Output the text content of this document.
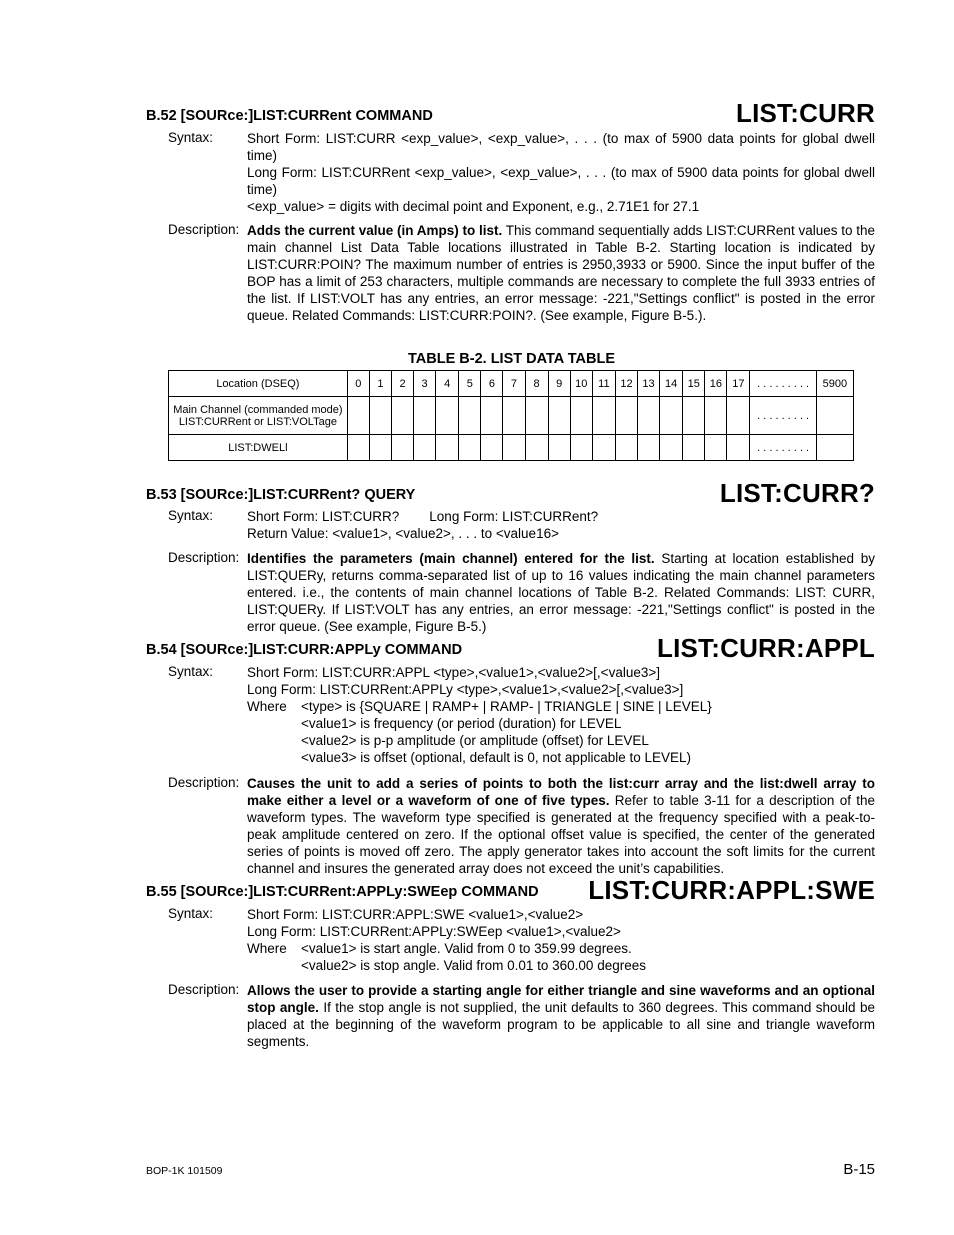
B.52 [SOURce:]LIST:CURRent COMMAND	LIST:CURR
Syntax:	Short Form: LIST:CURR <exp_value>, <exp_value>, . . . (to max of 5900 data points for global dwell time)
Long Form: LIST:CURRent <exp_value>, <exp_value>, . . . (to max of 5900 data points for global dwell time)
<exp_value> = digits with decimal point and Exponent, e.g., 2.71E1 for 27.1
Description: Adds the current value (in Amps) to list. This command sequentially adds LIST:CURRent values to the main channel List Data Table locations illustrated in Table B-2. Starting location is indicated by LIST:CURR:POIN? The maximum number of entries is 2950,3933 or 5900. Since the input buffer of the BOP has a limit of 253 characters, multiple commands are necessary to complete the full 3933 entries of the list. If LIST:VOLT has any entries, an error message: -221,"Settings conflict" is posted in the error queue. Related Commands: LIST:CURR:POIN?. (See example, Figure B-5.).
TABLE B-2. LIST DATA TABLE
Location (DSEQ)	0	1	2	3	4	5	6	7	8	9	10	11	12	13	14	15	16	17	. . . . . . . . .	5900
Main Channel (commanded mode)
LIST:CURRent or LIST:VOLTage																			. . . . . . . . .	
LIST:DWELl																			. . . . . . . . .	
B.53 [SOURce:]LIST:CURRent? QUERY	LIST:CURR?
Syntax:	Short Form: LIST:CURR?        Long Form: LIST:CURRent?
Return Value: <value1>, <value2>, . . . to <value16>
Description: Identifies the parameters (main channel) entered for the list. Starting at location established by LIST:QUERy, returns comma-separated list of up to 16 values indicating the main channel parameters entered. i.e., the contents of main channel locations of Table B-2. Related Commands: LIST: CURR, LIST:QUERy. If LIST:VOLT has any entries, an error message: -221,"Settings conflict" is posted in the error queue. (See example, Figure B-5.)
B.54 [SOURce:]LIST:CURR:APPLy COMMAND	LIST:CURR:APPL
Syntax:	Short Form: LIST:CURR:APPL <type>,<value1>,<value2>[,<value3>]
Long Form: LIST:CURRent:APPLy <type>,<value1>,<value2>[,<value3>]
Where <type> is {SQUARE | RAMP+ | RAMP- | TRIANGLE | SINE | LEVEL}
<value1> is frequency (or period (duration) for LEVEL
<value2> is p-p amplitude (or amplitude (offset) for LEVEL
<value3> is offset (optional, default is 0, not applicable to LEVEL)
Description: Causes the unit to add a series of points to both the list:curr array and the list:dwell array to make either a level or a waveform of one of five types. Refer to table 3-11 for a description of the waveform types. The waveform type specified is generated at the frequency specified with a peak-to-peak amplitude centered on zero. If the optional offset value is specified, the center of the generated series of points is moved off zero. The apply generator takes into account the soft limits for the current channel and insures the generated array does not exceed the unit’s capabilities.
B.55 [SOURce:]LIST:CURRent:APPLy:SWEep COMMAND LIST:CURR:APPL:SWE
Syntax:	Short Form: LIST:CURR:APPL:SWE <value1>,<value2>
Long Form: LIST:CURRent:APPLy:SWEep <value1>,<value2>
Where <value1> is start angle. Valid from 0 to 359.99 degrees.
<value2> is stop angle. Valid from 0.01 to 360.00 degrees
Description: Allows the user to provide a starting angle for either triangle and sine waveforms and an optional stop angle. If the stop angle is not supplied, the unit defaults to 360 degrees. This command should be placed at the beginning of the waveform program to be applicable to all sine and triangle waveform segments.
BOP-1K 101509	B-15
